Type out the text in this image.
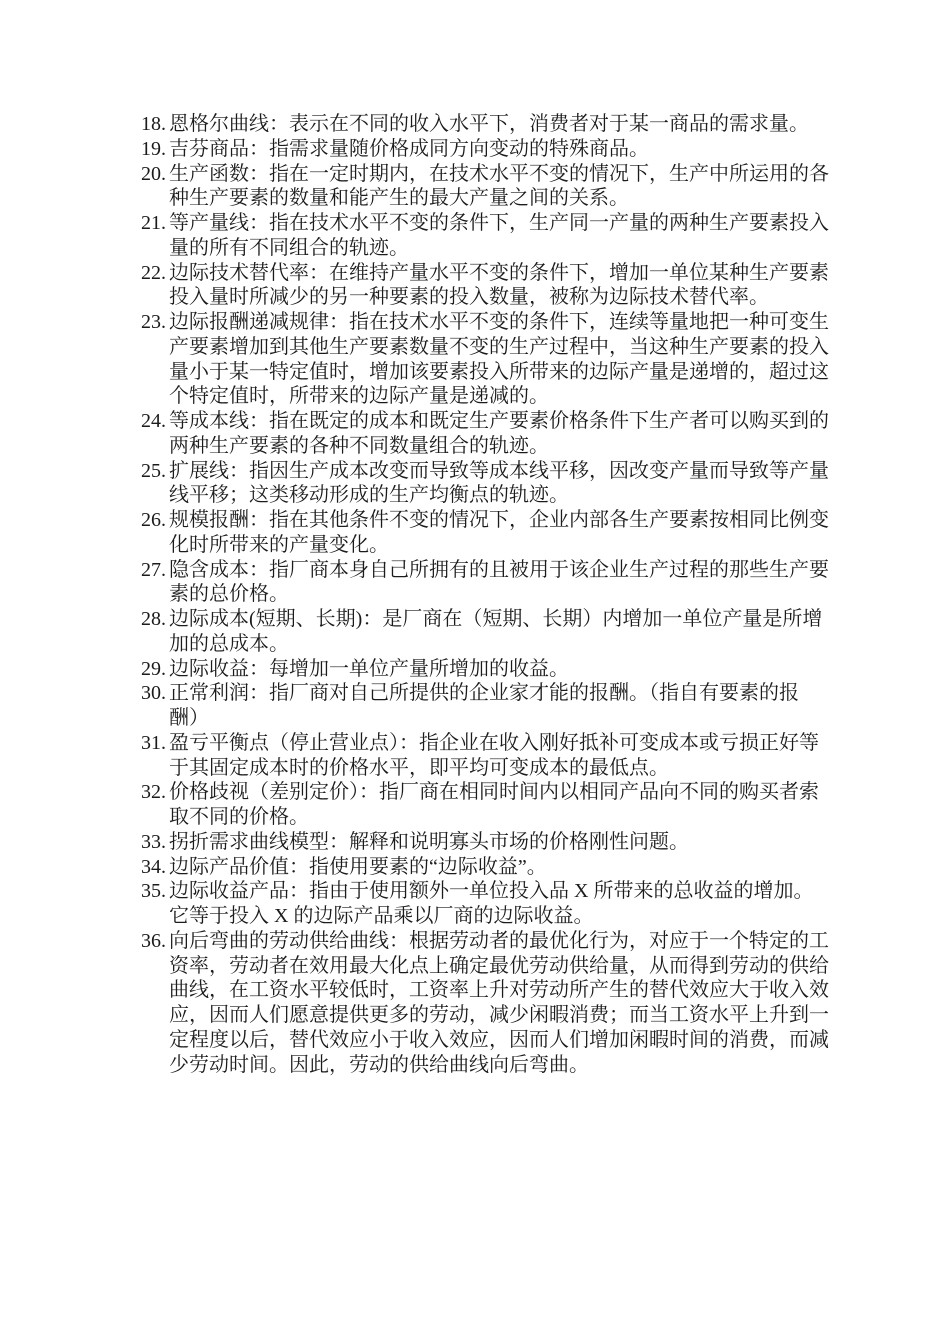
18. 恩格尔曲线：表示在不同的收入水平下，消费者对于某一商品的需求量。
19. 吉芬商品：指需求量随价格成同方向变动的特殊商品。
20. 生产函数：指在一定时期内，在技术水平不变的情况下，生产中所运用的各
种生产要素的数量和能产生的最大产量之间的关系。
21. 等产量线：指在技术水平不变的条件下，生产同一产量的两种生产要素投入
量的所有不同组合的轨迹。
22. 边际技术替代率：在维持产量水平不变的条件下，增加一单位某种生产要素
投入量时所减少的另一种要素的投入数量，被称为边际技术替代率。
23. 边际报酬递减规律：指在技术水平不变的条件下，连续等量地把一种可变生
产要素增加到其他生产要素数量不变的生产过程中，当这种生产要素的投入
量小于某一特定值时，增加该要素投入所带来的边际产量是递增的，超过这
个特定值时，所带来的边际产量是递减的。
24. 等成本线：指在既定的成本和既定生产要素价格条件下生产者可以购买到的
两种生产要素的各种不同数量组合的轨迹。
25. 扩展线：指因生产成本改变而导致等成本线平移，因改变产量而导致等产量
线平移；这类移动形成的生产均衡点的轨迹。
26. 规模报酬：指在其他条件不变的情况下，企业内部各生产要素按相同比例变
化时所带来的产量变化。
27. 隐含成本：指厂商本身自己所拥有的且被用于该企业生产过程的那些生产要
素的总价格。
28. 边际成本(短期、长期)：是厂商在（短期、长期）内增加一单位产量是所增
加的总成本。
29. 边际收益：每增加一单位产量所增加的收益。
30. 正常利润：指厂商对自己所提供的企业家才能的报酬。（指自有要素的报
酬）
31. 盈亏平衡点（停止营业点）：指企业在收入刚好抵补可变成本或亏损正好等
于其固定成本时的价格水平，即平均可变成本的最低点。
32. 价格歧视（差别定价）：指厂商在相同时间内以相同产品向不同的购买者索
取不同的价格。
33. 拐折需求曲线模型：解释和说明寡头市场的价格刚性问题。
34. 边际产品价值：指使用要素的“边际收益”。
35. 边际收益产品：指由于使用额外一单位投入品 X 所带来的总收益的增加。
它等于投入 X 的边际产品乘以厂商的边际收益。
36. 向后弯曲的劳动供给曲线：根据劳动者的最优化行为，对应于一个特定的工
资率，劳动者在效用最大化点上确定最优劳动供给量，从而得到劳动的供给
曲线，在工资水平较低时，工资率上升对劳动所产生的替代效应大于收入效
应，因而人们愿意提供更多的劳动，减少闲暇消费；而当工资水平上升到一
定程度以后，替代效应小于收入效应，因而人们增加闲暇时间的消费，而减
少劳动时间。因此，劳动的供给曲线向后弯曲。
